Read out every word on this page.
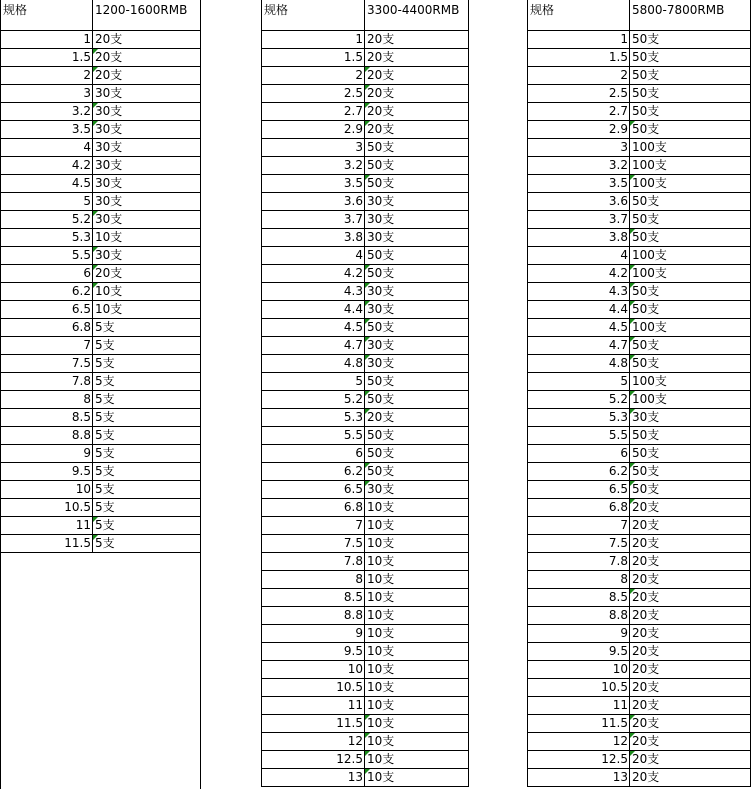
规格	1200-1600RMB
1 20支
1.5 20支
2 20支
3 30支
3.2 30支
3.5 30支
4 30支
4.2 30支
4.5 30支
5 30支
5.2 30支
5.3 10支
5.5 30支
6 20支
6.2 10支
6.5 10支
6.8 5支
7 5支
7.5 5支
7.8 5支
8 5支
8.5 5支
8.8 5支
9 5支
9.5 5支
10 5支
10.5 5支
11 5支
11.5 5支
规格	3300-4400RMB
1 20支
1.5 20支
2 20支
2.5 20支
2.7 20支
2.9 20支
3 50支
3.2 50支
3.5 50支
3.6 30支
3.7 30支
3.8 30支
4 50支
4.2 50支
4.3 30支
4.4 30支
4.5 50支
4.7 30支
4.8 30支
5 50支
5.2 50支
5.3 20支
5.5 50支
6 50支
6.2 50支
6.5 30支
6.8 10支
7 10支
7.5 10支
7.8 10支
8 10支
8.5 10支
8.8 10支
9 10支
9.5 10支
10 10支
10.5 10支
11 10支
11.5 10支
12 10支
12.5 10支
13 10支
规格	5800-7800RMB
1 50支
1.5 50支
2 50支
2.5 50支
2.7 50支
2.9 50支
3 100支
3.2 100支
3.5 100支
3.6 50支
3.7 50支
3.8 50支
4 100支
4.2 100支
4.3 50支
4.4 50支
4.5 100支
4.7 50支
4.8 50支
5 100支
5.2 100支
5.3 30支
5.5 50支
6 50支
6.2 50支
6.5 50支
6.8 20支
7 20支
7.5 20支
7.8 20支
8 20支
8.5 20支
8.8 20支
9 20支
9.5 20支
10 20支
10.5 20支
11 20支
11.5 20支
12 20支
12.5 20支
13 20支
